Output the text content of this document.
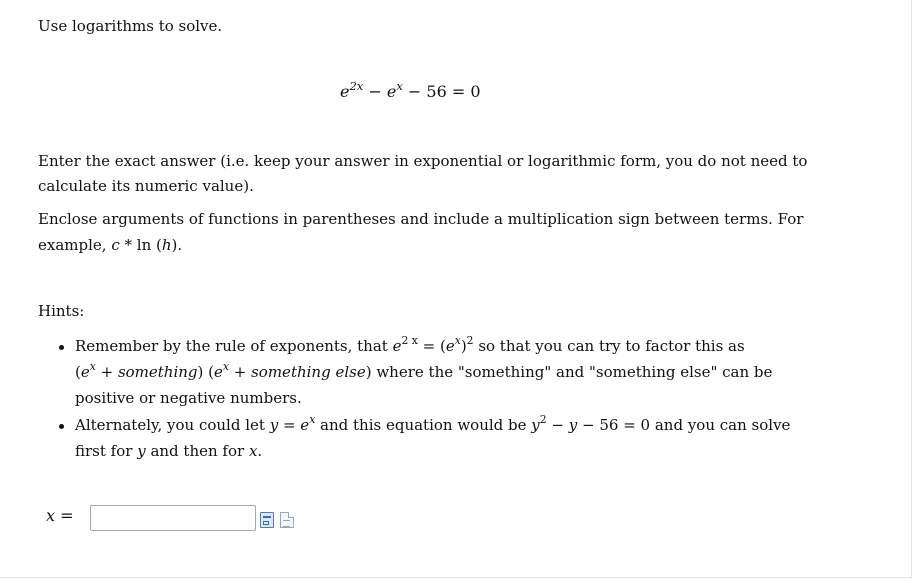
Use logarithms to solve.
$e^{2x} - e^x - 56 = 0$
Enter the exact answer (i.e. keep your answer in exponential or logarithmic form, you do not need to
calculate its numeric value).
Enclose arguments of functions in parentheses and include a multiplication sign between terms. For
example, c * ln (h).
Hints:
Remember by the rule of exponents, that $e^{2 x} = (e^x)^2$ so that you can try to factor this as
($e^x$ + something) ($e^x$ + something else) where the "something" and "something else" can be
positive or negative numbers.
Alternately, you could let $y = e^x$ and this equation would be $y^2 - y - 56 = 0$ and you can solve
first for y and then for x.
x =
